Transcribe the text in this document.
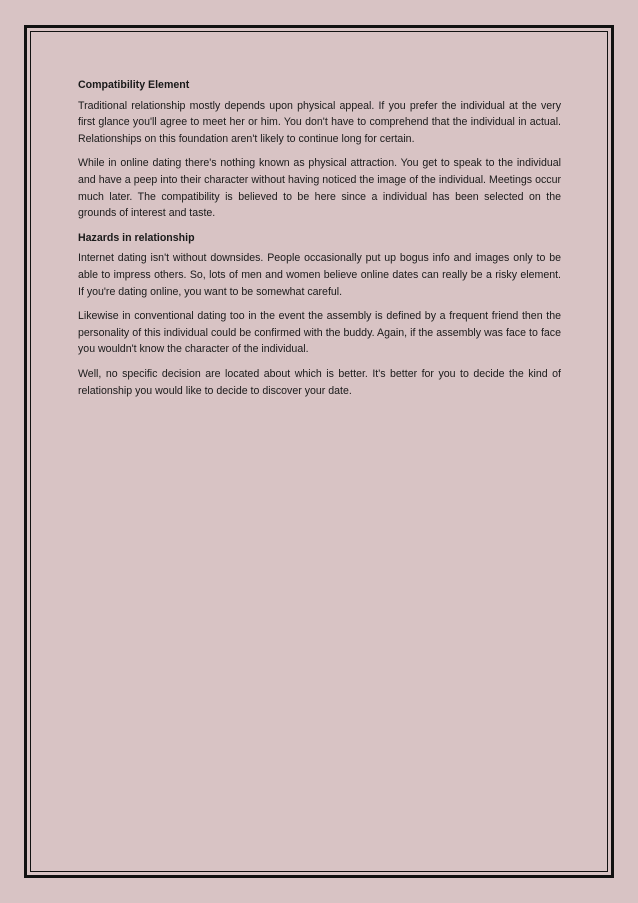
Compatibility Element

Traditional relationship mostly depends upon physical appeal. If you prefer the individual at the very first glance you'll agree to meet her or him. You don't have to comprehend that the individual in actual. Relationships on this foundation aren't likely to continue long for certain.

While in online dating there's nothing known as physical attraction. You get to speak to the individual and have a peep into their character without having noticed the image of the individual. Meetings occur much later. The compatibility is believed to be here since a individual has been selected on the grounds of interest and taste.

Hazards in relationship

Internet dating isn't without downsides. People occasionally put up bogus info and images only to be able to impress others. So, lots of men and women believe online dates can really be a risky element. If you're dating online, you want to be somewhat careful.

Likewise in conventional dating too in the event the assembly is defined by a frequent friend then the personality of this individual could be confirmed with the buddy. Again, if the assembly was face to face you wouldn't know the character of the individual.

Well, no specific decision are located about which is better. It's better for you to decide the kind of relationship you would like to decide to discover your date.
